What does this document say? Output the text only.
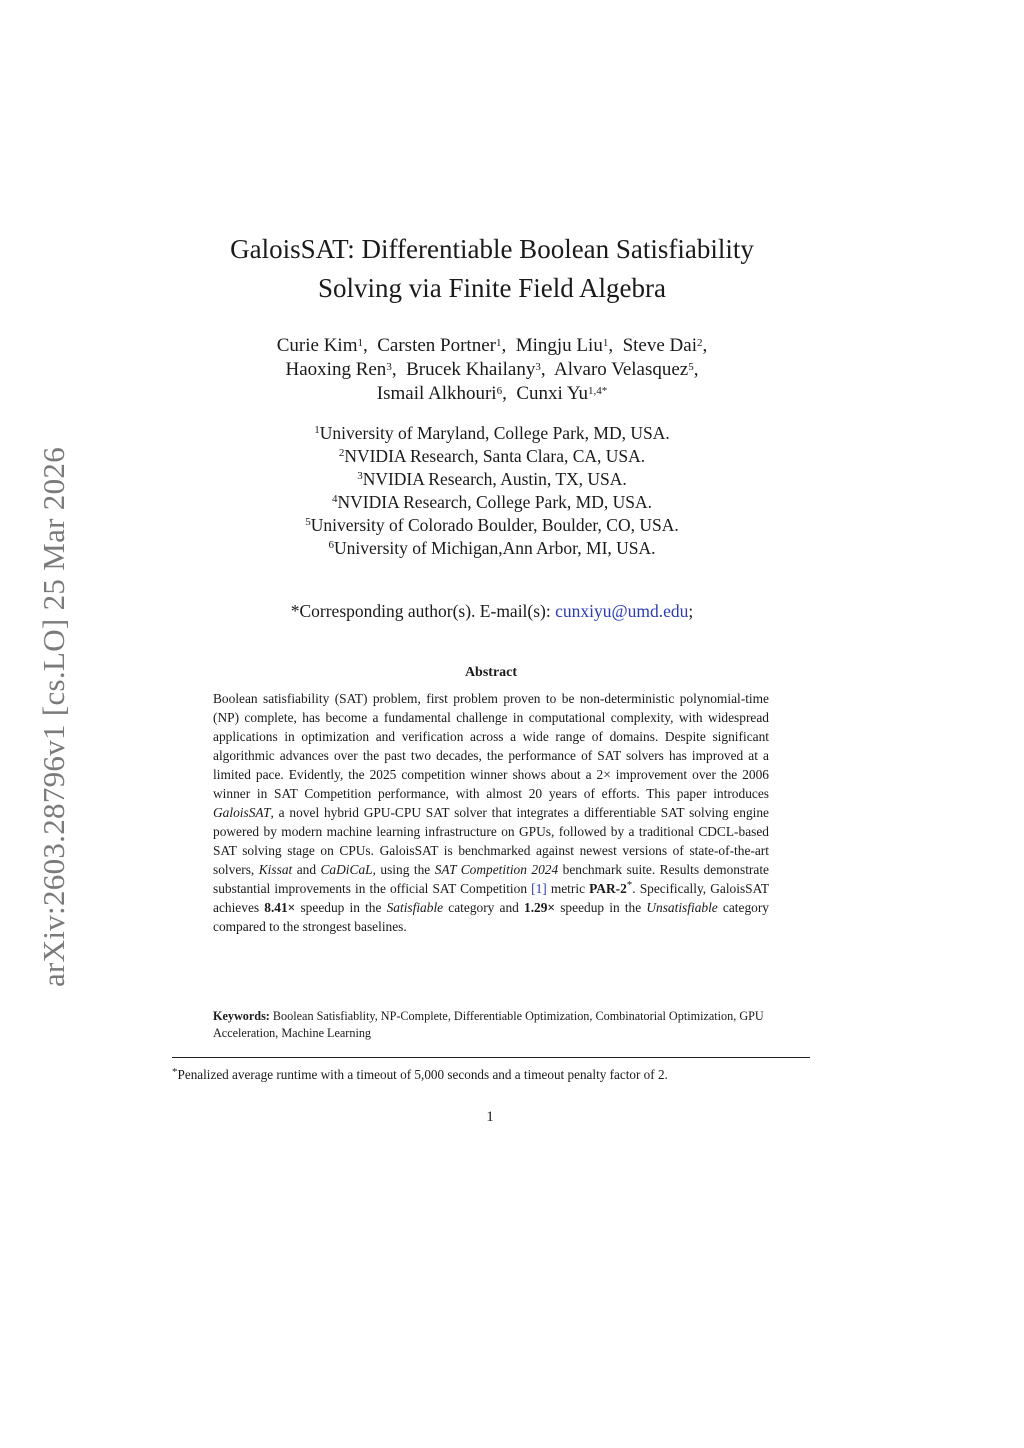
arXiv:2603.28796v1 [cs.LO] 25 Mar 2026
GaloisSAT: Differentiable Boolean Satisfiability
Solving via Finite Field Algebra
Curie Kim$^1$,  Carsten Portner$^1$,  Mingju Liu$^1$,  Steve Dai$^2$,
Haoxing Ren$^3$,  Brucek Khailany$^3$,  Alvaro Velasquez$^5$,
Ismail Alkhouri$^6$,  Cunxi $Yu^{1,4*}$
$^1$University of Maryland, College Park, MD, USA.
$^2$NVIDIA Research, Santa Clara, CA, USA.
$^3$NVIDIA Research, Austin, TX, USA.
$^4$NVIDIA Research, College Park, MD, USA.
$^5$University of Colorado Boulder, Boulder, CO, USA.
$^6$University of Michigan,Ann Arbor, MI, USA.
*Corresponding author(s). E-mail(s): cunxiyu@umd.edu;
Abstract
Boolean satisfiability (SAT) problem, first problem proven to be non-deterministic polynomial-time (NP) complete, has become a fundamental challenge in computational complexity, with widespread applications in optimization and verification across a wide range of domains. Despite significant algorithmic advances over the past two decades, the performance of SAT solvers has improved at a limited pace. Evidently, the 2025 competition winner shows about a 2× improvement over the 2006 winner in SAT Competition performance, with almost 20 years of efforts. This paper introduces GaloisSAT, a novel hybrid GPU-CPU SAT solver that integrates a differentiable SAT solving engine powered by modern machine learning infrastructure on GPUs, followed by a traditional CDCL-based SAT solving stage on CPUs. GaloisSAT is benchmarked against newest versions of state-of-the-art solvers, Kissat and CaDiCaL, using the SAT Competition 2024 benchmark suite. Results demonstrate substantial improvements in the official SAT Competition [1] metric PAR-2*. Specifically, GaloisSAT achieves 8.41× speedup in the Satisfiable category and 1.29× speedup in the Unsatisfiable category compared to the strongest baselines.
Keywords: Boolean Satisfiablity, NP-Complete, Differentiable Optimization, Combinatorial Optimization, GPU Acceleration, Machine Learning
*Penalized average runtime with a timeout of 5,000 seconds and a timeout penalty factor of 2.
1
